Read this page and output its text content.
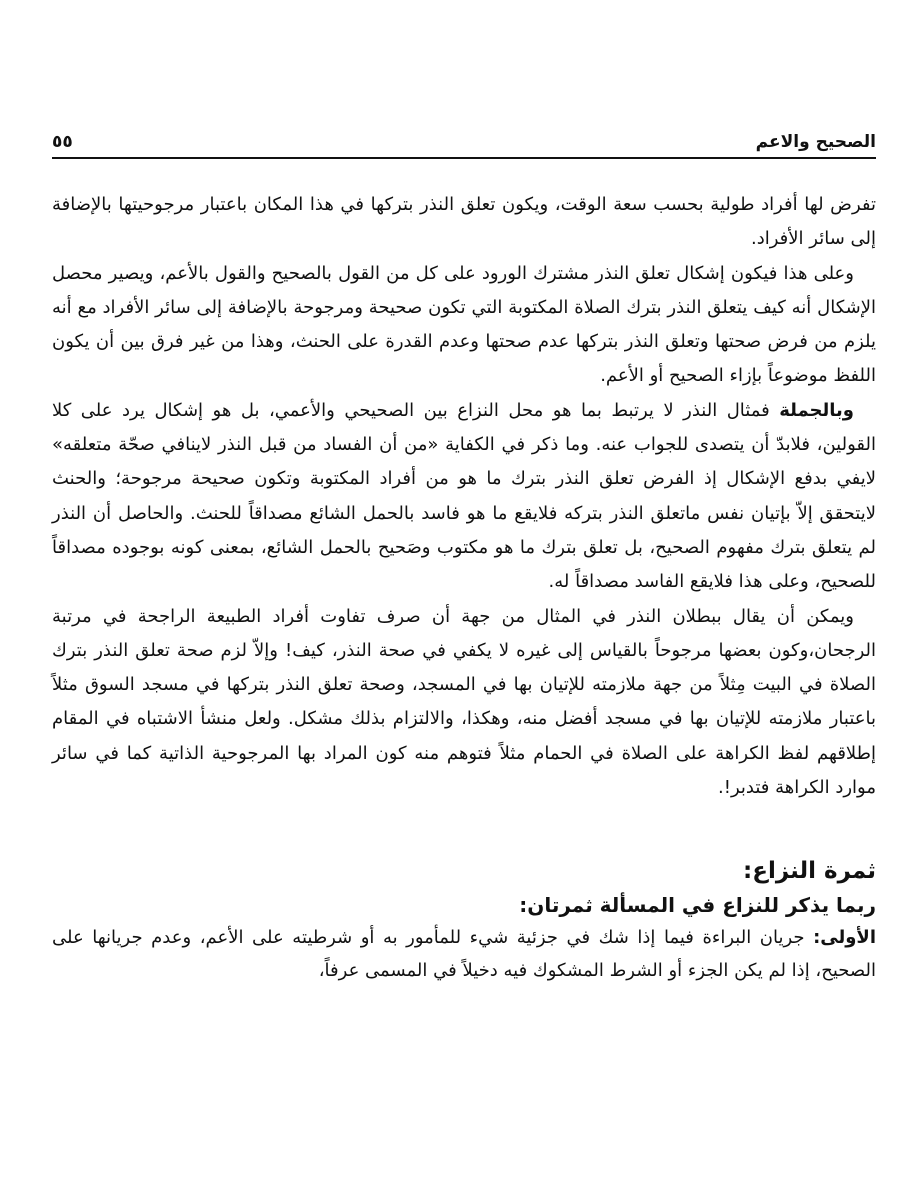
الصحيح والاعم
٥٥

تفرض لها أفراد طولية بحسب سعة الوقت، ويكون تعلق النذر بتركها في هذا المكان باعتبار مرجوحيتها بالإضافة إلى سائر الأفراد.

وعلى هذا فيكون إشكال تعلق النذر مشترك الورود على كل من القول بالصحيح والقول بالأعم، ويصير محصل الإشكال أنه كيف يتعلق النذر بترك الصلاة المكتوبة التي تكون صحيحة ومرجوحة بالإضافة إلى سائر الأفراد مع أنه يلزم من فرض صحتها وتعلق النذر بتركها عدم صحتها وعدم القدرة على الحنث، وهذا من غير فرق بين أن يكون اللفظ موضوعاً بإزاء الصحيح أو الأعم.

وبالجملة فمثال النذر لا يرتبط بما هو محل النزاع بين الصحيحي والأعمي، بل هو إشكال يرد على كلا القولين، فلابدّ أن يتصدى للجواب عنه. وما ذكر في الكفاية «من أن الفساد من قبل النذر لاينافي صحّة متعلقه» لايفي بدفع الإشكال إذ الفرض تعلق النذر بترك ما هو من أفراد المكتوبة وتكون صحيحة مرجوحة؛ والحنث لايتحقق إلاّ بإتيان نفس ماتعلق النذر بتركه فلايقع ما هو فاسد بالحمل الشائع مصداقاً للحنث. والحاصل أن النذر لم يتعلق بترك مفهوم الصحيح، بل تعلق بترك ما هو مكتوب وصَحيح بالحمل الشائع، بمعنى كونه بوجوده مصداقاً للصحيح، وعلى هذا فلايقع الفاسد مصداقاً له.

ويمكن أن يقال ببطلان النذر في المثال من جهة أن صرف تفاوت أفراد الطبيعة الراجحة في مرتبة الرجحان،وكون بعضها مرجوحاً بالقياس إلى غيره لا يكفي في صحة النذر، كيف! وإلاّ لزم صحة تعلق النذر بترك الصلاة في البيت مِثلاً من جهة ملازمته للإتيان بها في المسجد، وصحة تعلق النذر بتركها في مسجد السوق مثلاً باعتبار ملازمته للإتيان بها في مسجد أفضل منه، وهكذا، والالتزام بذلك مشكل. ولعل منشأ الاشتباه في المقام إطلاقهم لفظ الكراهة على الصلاة في الحمام مثلاً فتوهم منه كون المراد بها المرجوحية الذاتية كما في سائر موارد الكراهة فتدبر!.

ثمرة النزاع:
ربما يذكر للنزاع في المسألة ثمرتان:

الأولى: جريان البراءة فيما إذا شك في جزئية شيء للمأمور به أو شرطيته على الأعم، وعدم جريانها على الصحيح، إذا لم يكن الجزء أو الشرط المشكوك فيه دخيلاً في المسمى عرفاً،
